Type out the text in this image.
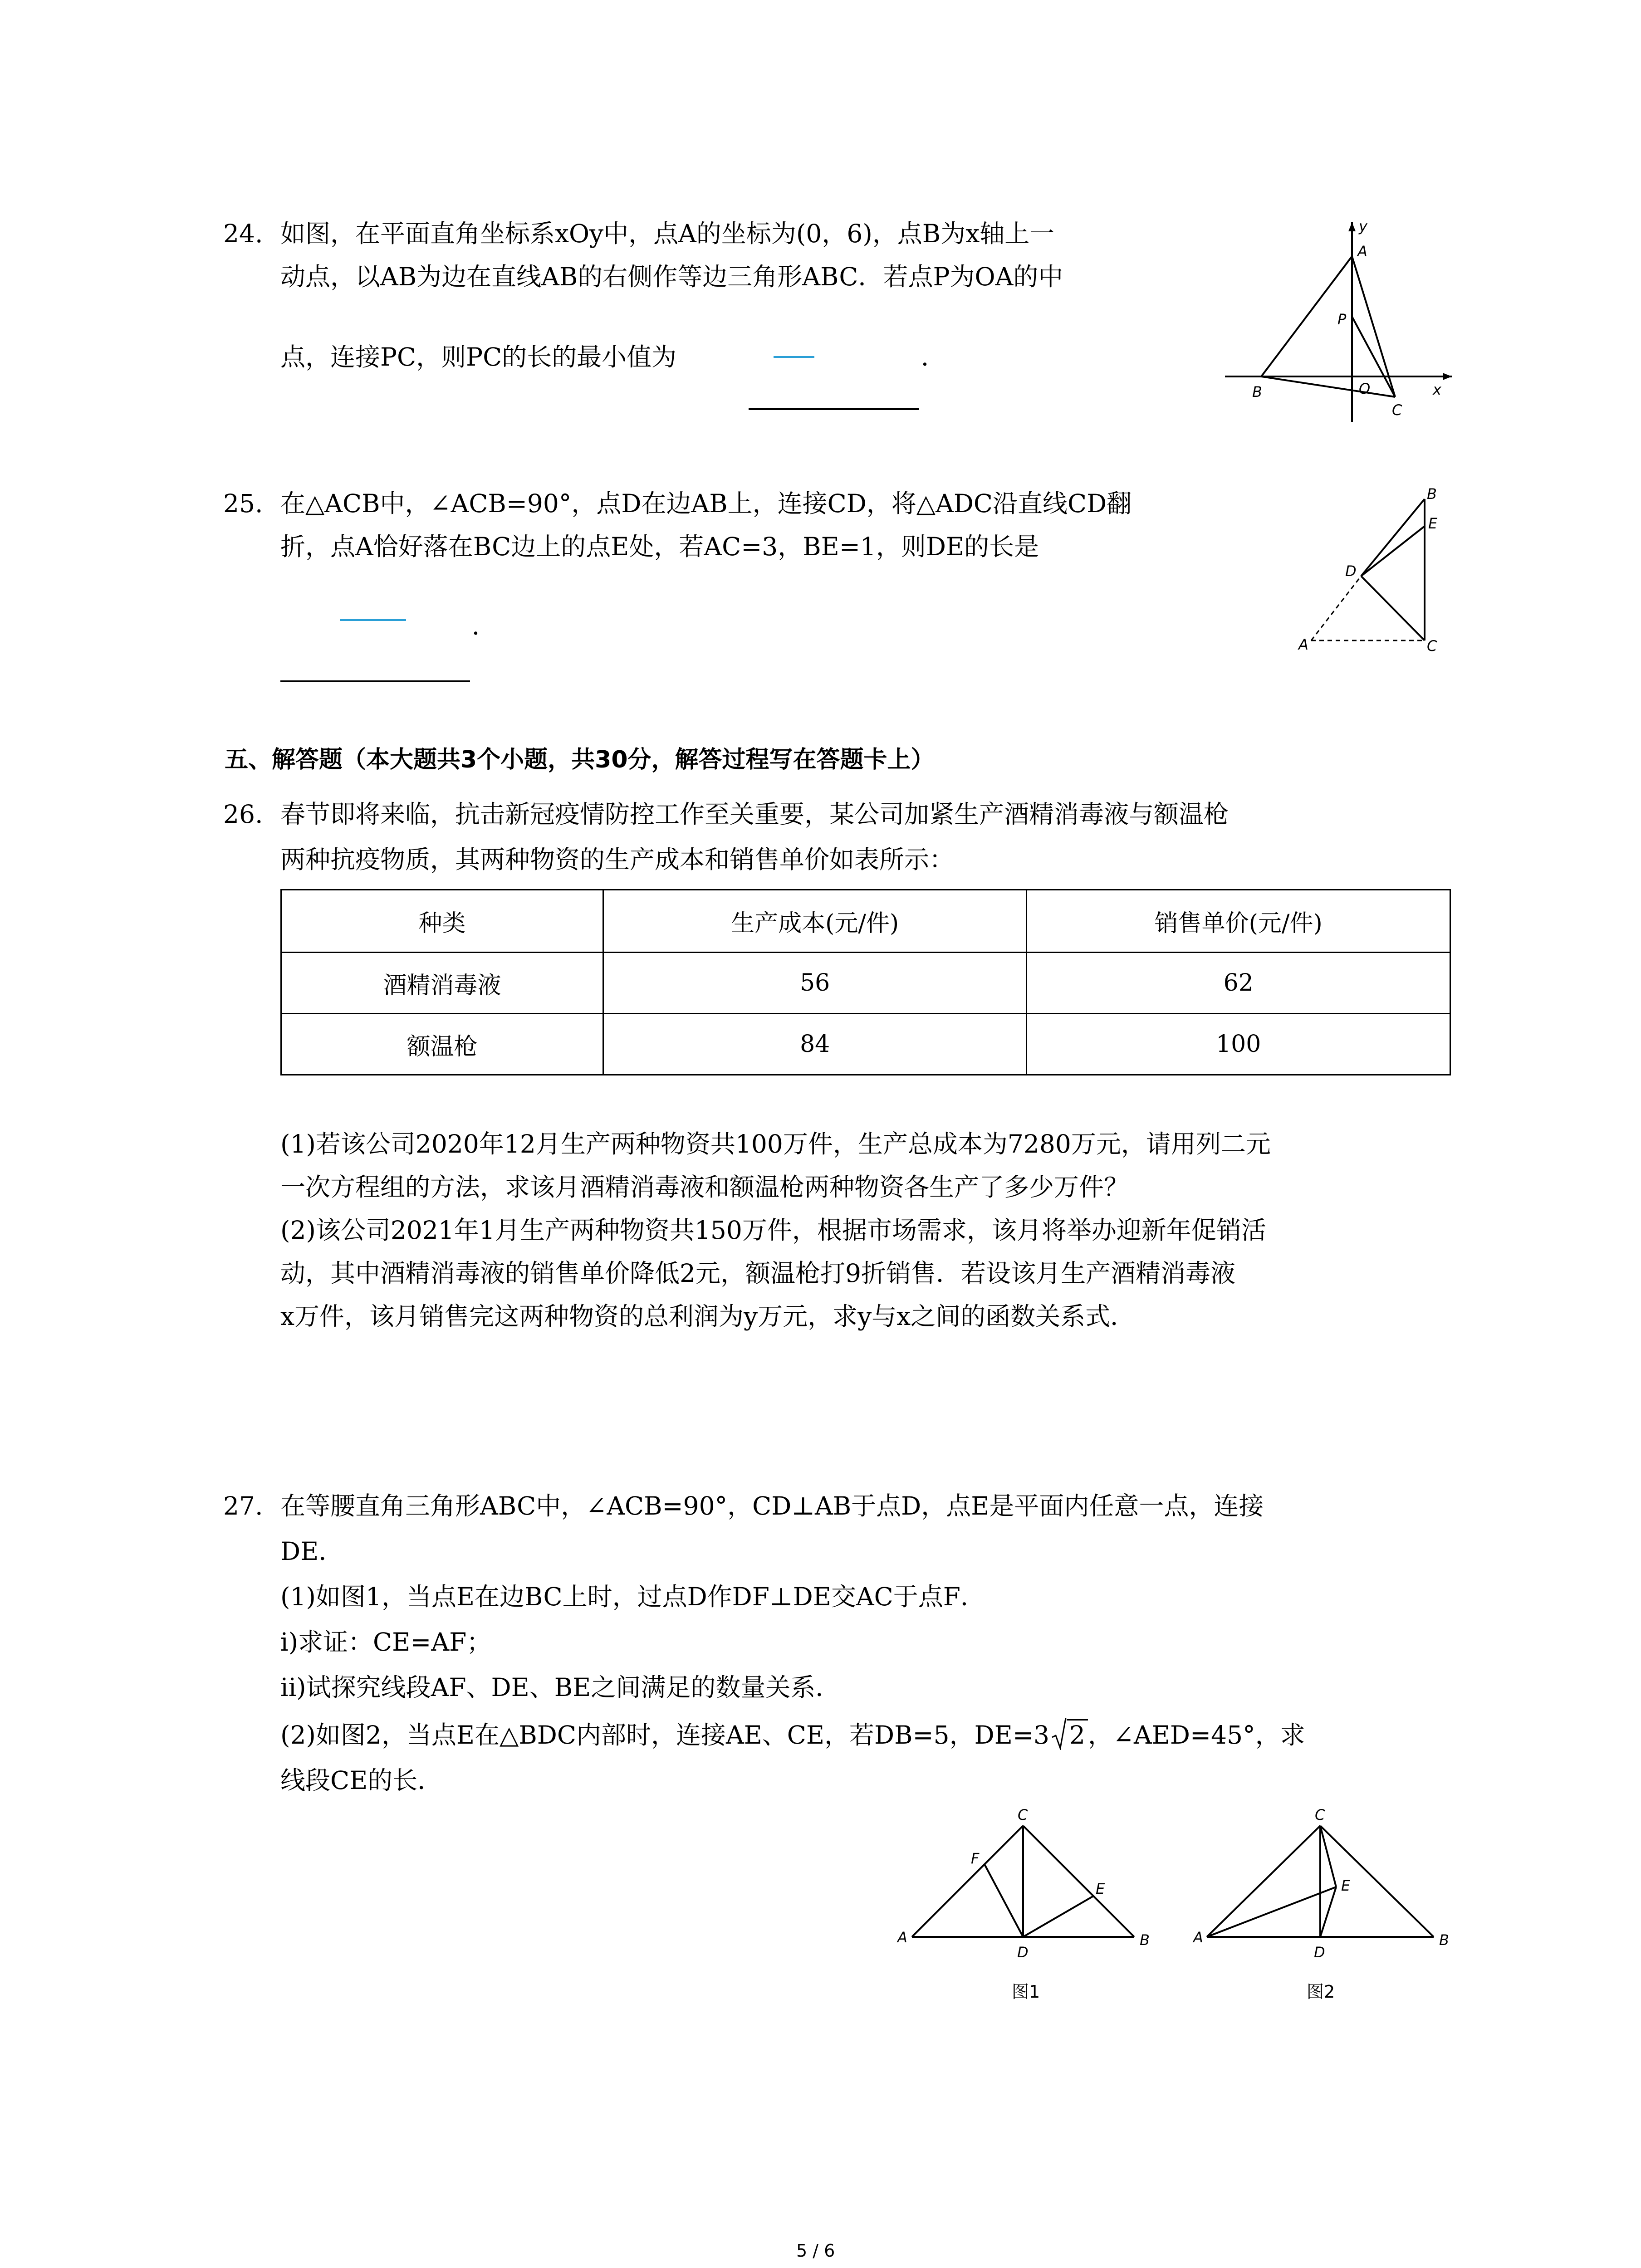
24. 如图，在平面直角坐标系xOy中，点A的坐标为(0，6)，点B为x轴上一
动点，以AB为边在直线AB的右侧作等边三角形ABC．若点P为OA的中
点，连接PC，则PC的长的最小值为	．
y
A
P
B	O
C
x
25. 在△ACB中，∠ACB=90°，点D在边AB上，连接CD，将△ADC沿直线CD翻
折，点A恰好落在BC边上的点E处，若AC=3，BE=1，则DE的长是
．
B
E
D
A	C
五、解答题（本大题共3个小题，共30分，解答过程写在答题卡上）
26. 春节即将来临，抗击新冠疫情防控工作至关重要，某公司加紧生产酒精消毒液与额温枪
两种抗疫物质，其两种物资的生产成本和销售单价如表所示：
种类	生产成本(元/件)	销售单价(元/件)
酒精消毒液	56	62
额温枪	84	100
(1)若该公司2020年12月生产两种物资共100万件，生产总成本为7280万元，请用列二元
一次方程组的方法，求该月酒精消毒液和额温枪两种物资各生产了多少万件？
(2)该公司2021年1月生产两种物资共150万件，根据市场需求，该月将举办迎新年促销活
动，其中酒精消毒液的销售单价降低2元，额温枪打9折销售．若设该月生产酒精消毒液
x万件，该月销售完这两种物资的总利润为y万元，求y与x之间的函数关系式．
27. 在等腰直角三角形ABC中，∠ACB=90°，CD⊥AB于点D，点E是平面内任意一点，连接
DE．
(1)如图1，当点E在边BC上时，过点D作DF⊥DE交AC于点F．
i)求证：CE=AF；
ii)试探究线段AF、DE、BE之间满足的数量关系．
(2)如图2，当点E在△BDC内部时，连接AE、CE，若DB=5，DE=3 2 ，∠AED=45°，求
线段CE的长．
C
F
E
A
D
B
图1
C
E
A
D
B
图2
5 / 6
